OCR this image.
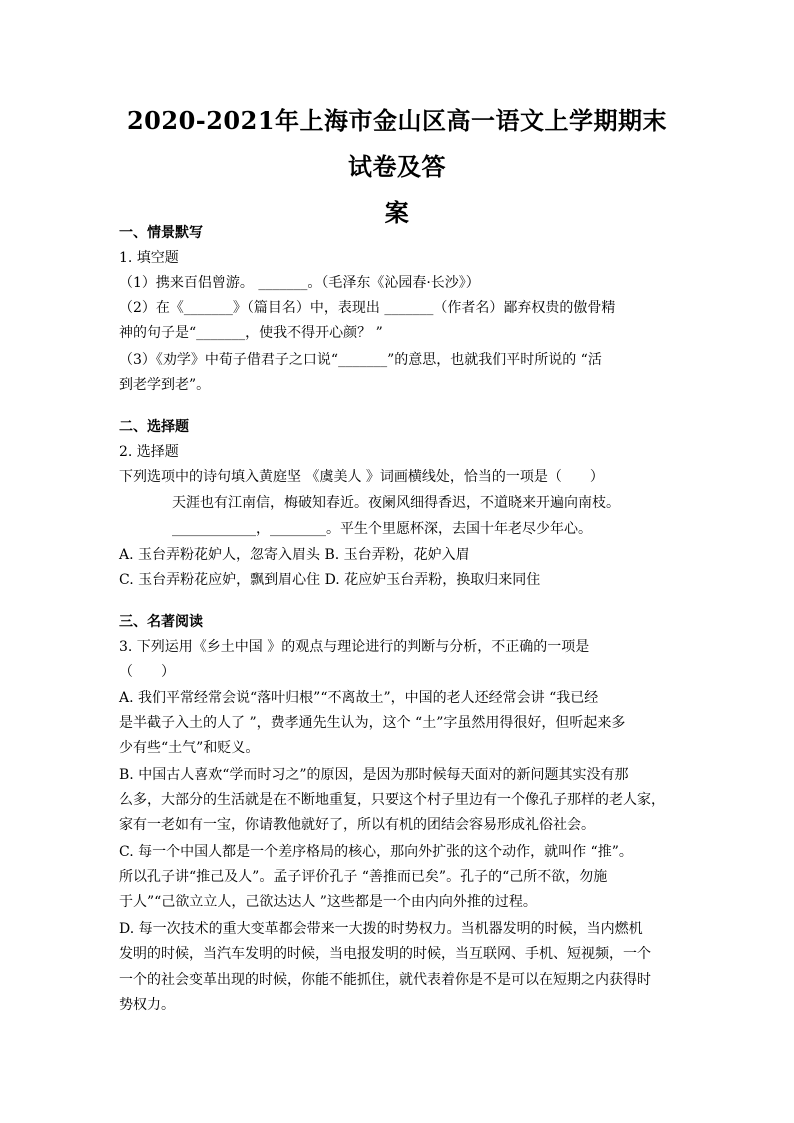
2020-2021年上海市金山区高一语文上学期期末试卷及答
案
一、情景默写
1. 填空题
（1）携来百侣曾游。 _______。（毛泽东《沁园春·长沙》）
（2）在《_______》（篇目名）中，表现出 _______（作者名）鄙弃权贵的傲骨精
神的句子是“_______，使我不得开心颜？ ”
（3）《劝学》中荀子借君子之口说“_______”的意思，也就我们平时所说的 “活
到老学到老”。
二、选择题
2. 选择题
下列选项中的诗句填入黄庭坚 《虞美人 》词画横线处，恰当的一项是（　　）
天涯也有江南信，梅破知春近。夜阑风细得香迟，不道晓来开遍向南枝。
____________，________。平生个里愿杯深，去国十年老尽少年心。
A. 玉台弄粉花妒人，忽寄入眉头 B. 玉台弄粉，花妒入眉
C. 玉台弄粉花应妒，飘到眉心住 D. 花应妒玉台弄粉，换取归来同住
三、名著阅读
3. 下列运用《乡土中国 》的观点与理论进行的判断与分析，不正确的一项是
（　　）
A. 我们平常经常会说“落叶归根”“不离故土”，中国的老人还经常会讲 “我已经
是半截子入土的人了 ”，费孝通先生认为，这个 “土”字虽然用得很好，但听起来多
少有些“土气”和贬义。
B. 中国古人喜欢“学而时习之”的原因，是因为那时候每天面对的新问题其实没有那
么多，大部分的生活就是在不断地重复，只要这个村子里边有一个像孔子那样的老人家，
家有一老如有一宝，你请教他就好了，所以有机的团结会容易形成礼俗社会。
C. 每一个中国人都是一个差序格局的核心，那向外扩张的这个动作，就叫作 “推”。
所以孔子讲“推己及人”。孟子评价孔子 “善推而已矣”。孔子的“己所不欲，勿施
于人”“己欲立立人，己欲达达人 ”这些都是一个由内向外推的过程。
D. 每一次技术的重大变革都会带来一大拨的时势权力。当机器发明的时候，当内燃机
发明的时候，当汽车发明的时候，当电报发明的时候，当互联网、手机、短视频，一个
一个的社会变革出现的时候，你能不能抓住，就代表着你是不是可以在短期之内获得时
势权力。
